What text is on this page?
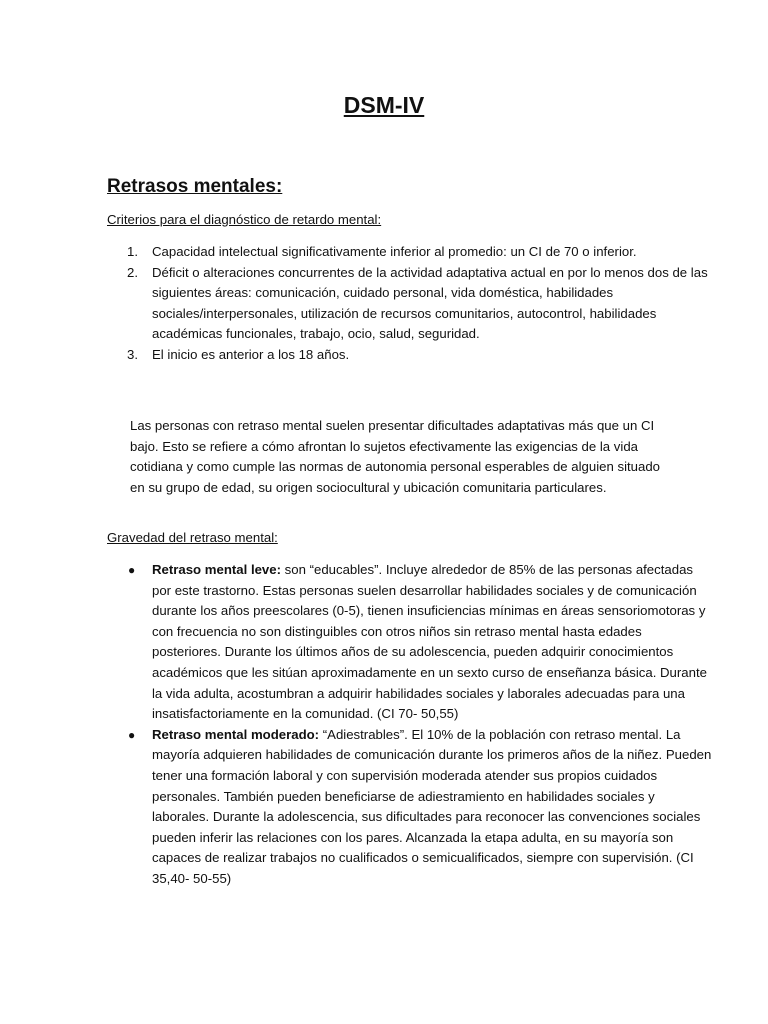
DSM-IV
Retrasos mentales:

Criterios para el diagnóstico de retardo mental:

1. Capacidad intelectual significativamente inferior al promedio: un CI de 70 o inferior.
2. Déficit o alteraciones concurrentes de la actividad adaptativa actual en por lo menos dos de las siguientes áreas: comunicación, cuidado personal, vida doméstica, habilidades sociales/interpersonales, utilización de recursos comunitarios, autocontrol, habilidades académicas funcionales, trabajo, ocio, salud, seguridad.
3. El inicio es anterior a los 18 años.

Las personas con retraso mental suelen presentar dificultades adaptativas más que un CI bajo. Esto se refiere a cómo afrontan lo sujetos efectivamente las exigencias de la vida cotidiana y como cumple las normas de autonomia personal esperables de alguien situado en su grupo de edad, su origen sociocultural y ubicación comunitaria particulares.

Gravedad del retraso mental:

● Retraso mental leve: son “educables”. Incluye alrededor de 85% de las personas afectadas por este trastorno. Estas personas suelen desarrollar habilidades sociales y de comunicación durante los años preescolares (0-5), tienen insuficiencias mínimas en áreas sensoriomotoras y con frecuencia no son distinguibles con otros niños sin retraso mental hasta edades posteriores. Durante los últimos años de su adolescencia, pueden adquirir conocimientos académicos que les sitúan aproximadamente en un sexto curso de enseñanza básica. Durante la vida adulta, acostumbran a adquirir habilidades sociales y laborales adecuadas para una insatisfactoriamente en la comunidad. (CI 70- 50,55)
● Retraso mental moderado: “Adiestrables”. El 10% de la población con retraso mental. La mayoría adquieren habilidades de comunicación durante los primeros años de la niñez. Pueden tener una formación laboral y con supervisión moderada atender sus propios cuidados personales. También pueden beneficiarse de adiestramiento en habilidades sociales y laborales. Durante la adolescencia, sus dificultades para reconocer las convenciones sociales pueden inferir las relaciones con los pares. Alcanzada la etapa adulta, en su mayoría son capaces de realizar trabajos no cualificados o semicualificados, siempre con supervisión. (CI 35,40- 50-55)
